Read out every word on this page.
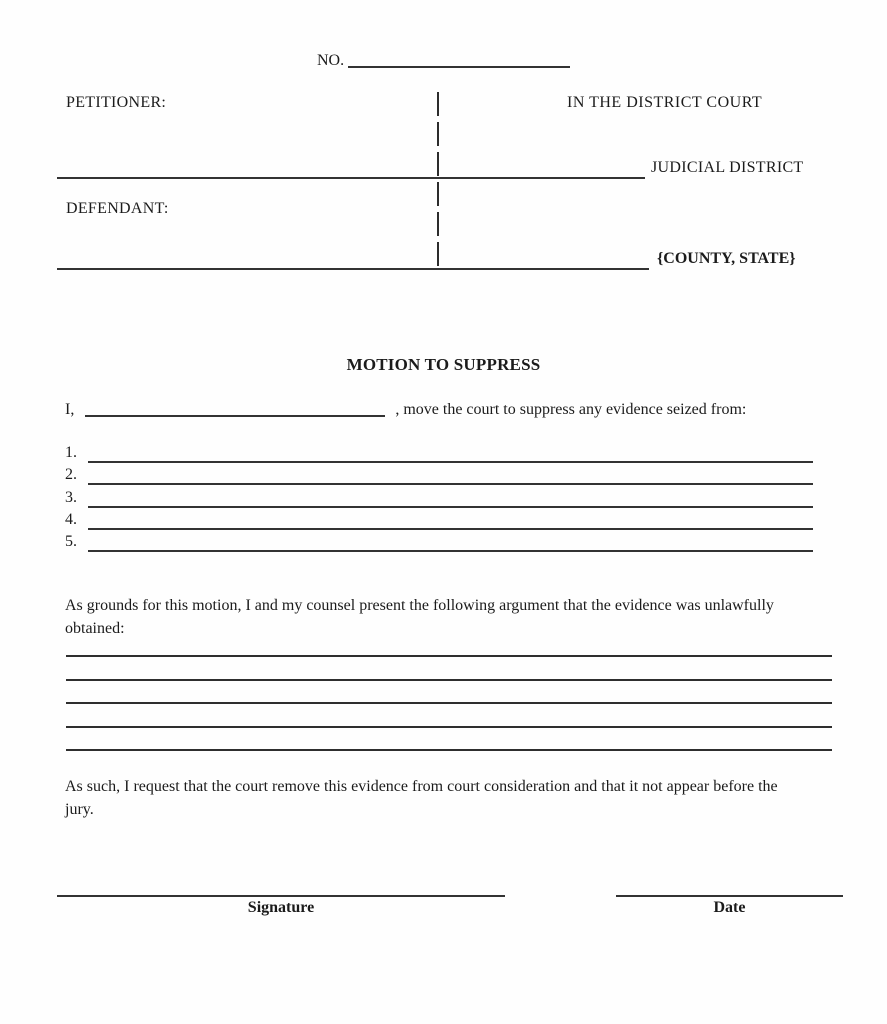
NO.
PETITIONER:	IN THE DISTRICT COURT
JUDICIAL DISTRICT
DEFENDANT:
{COUNTY, STATE}
MOTION TO SUPPRESS
I,	, move the court to suppress any evidence seized from:
1.
2.
3.
4.
5.
As grounds for this motion, I and my counsel present the following argument that the evidence was unlawfully obtained:
As such, I request that the court remove this evidence from court consideration and that it not appear before the jury.
Signature	Date
